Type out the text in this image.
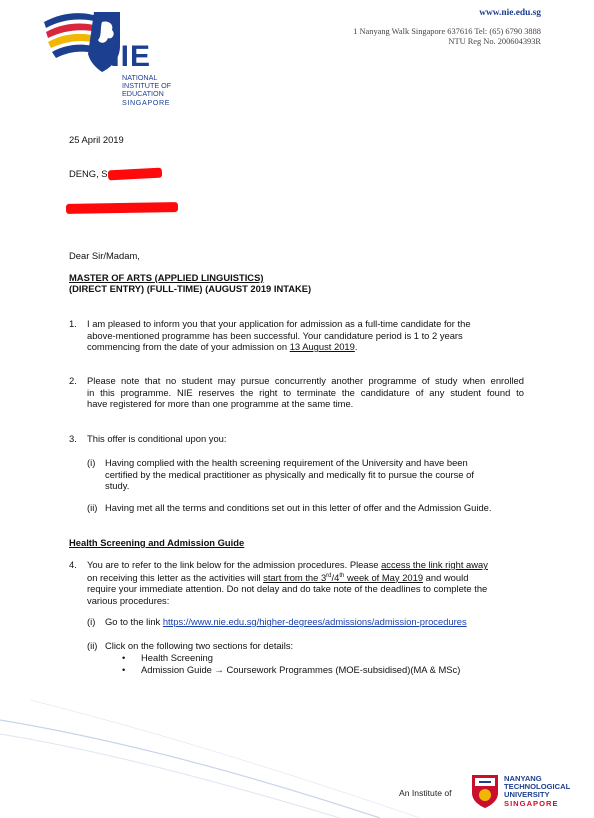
NIE
NATIONAL
INSTITUTE OF
EDUCATION
SINGAPORE
www.nie.edu.sg
1 Nanyang Walk Singapore 637616 Tel: (65) 6790 3888
NTU Reg No. 200604393R
25 April 2019
DENG, S
Dear Sir/Madam,
MASTER OF ARTS (APPLIED LINGUISTICS)
(DIRECT ENTRY) (FULL-TIME) (AUGUST 2019 INTAKE)
1. I am pleased to inform you that your application for admission as a full-time candidate for the
above-mentioned programme has been successful. Your candidature period is 1 to 2 years
commencing from the date of your admission on 13 August 2019.
2. Please note that no student may pursue concurrently another programme of study when enrolled
in this programme. NIE reserves the right to terminate the candidature of any student found to
have registered for more than one programme at the same time.
3. This offer is conditional upon you:
(i) Having complied with the health screening requirement of the University and have been
certified by the medical practitioner as physically and medically fit to pursue the course of
study.
(ii) Having met all the terms and conditions set out in this letter of offer and the Admission Guide.
Health Screening and Admission Guide
4. You are to refer to the link below for the admission procedures. Please access the link right away
on receiving this letter as the activities will start from the 3rd/4th week of May 2019 and would
require your immediate attention. Do not delay and do take note of the deadlines to complete the
various procedures:
(i) Go to the link https://www.nie.edu.sg/higher-degrees/admissions/admission-procedures
(ii) Click on the following two sections for details:
• Health Screening
• Admission Guide → Coursework Programmes (MOE-subsidised)(MA & MSc)
An Institute of
NANYANG
TECHNOLOGICAL
UNIVERSITY
SINGAPORE
